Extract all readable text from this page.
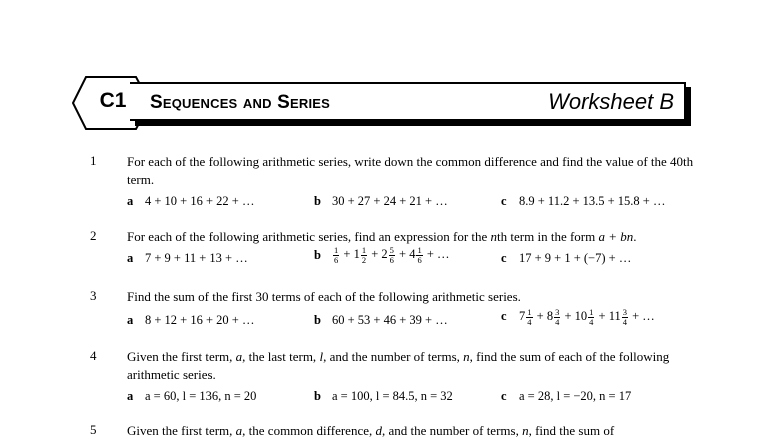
C1	Sequences and Series	Worksheet B
1 For each of the following arithmetic series, write down the common difference and find the value of the 40th term.
a 4 + 10 + 16 + 22 + …	b 30 + 27 + 24 + 21 + …	c 8.9 + 11.2 + 13.5 + 15.8 + …
2 For each of the following arithmetic series, find an expression for the nth term in the form a + bn.
a 7 + 9 + 11 + 13 + …	b $\frac{1}{6} + 1 \frac{1}{2} + 2 \frac{5}{6} + 4 \frac{1}{6}$ + …	c 17 + 9 + 1 + (−7) + …
3 Find the sum of the first 30 terms of each of the following arithmetic series.
a 8 + 12 + 16 + 20 + …	b 60 + 53 + 46 + 39 + …	c $7 \frac{1}{4} + 8 \frac{3}{4} + 10 \frac{1}{4} + 11 \frac{3}{4}$ + …
4 Given the first term, a, the last term, l, and the number of terms, n, find the sum of each of the following arithmetic series.
a a = 60, l = 136, n = 20	b a = 100, l = 84.5, n = 32	c a = 28, l = −20, n = 17
5 Given the first term, a, the common difference, d, and the number of terms, n, find the sum of
